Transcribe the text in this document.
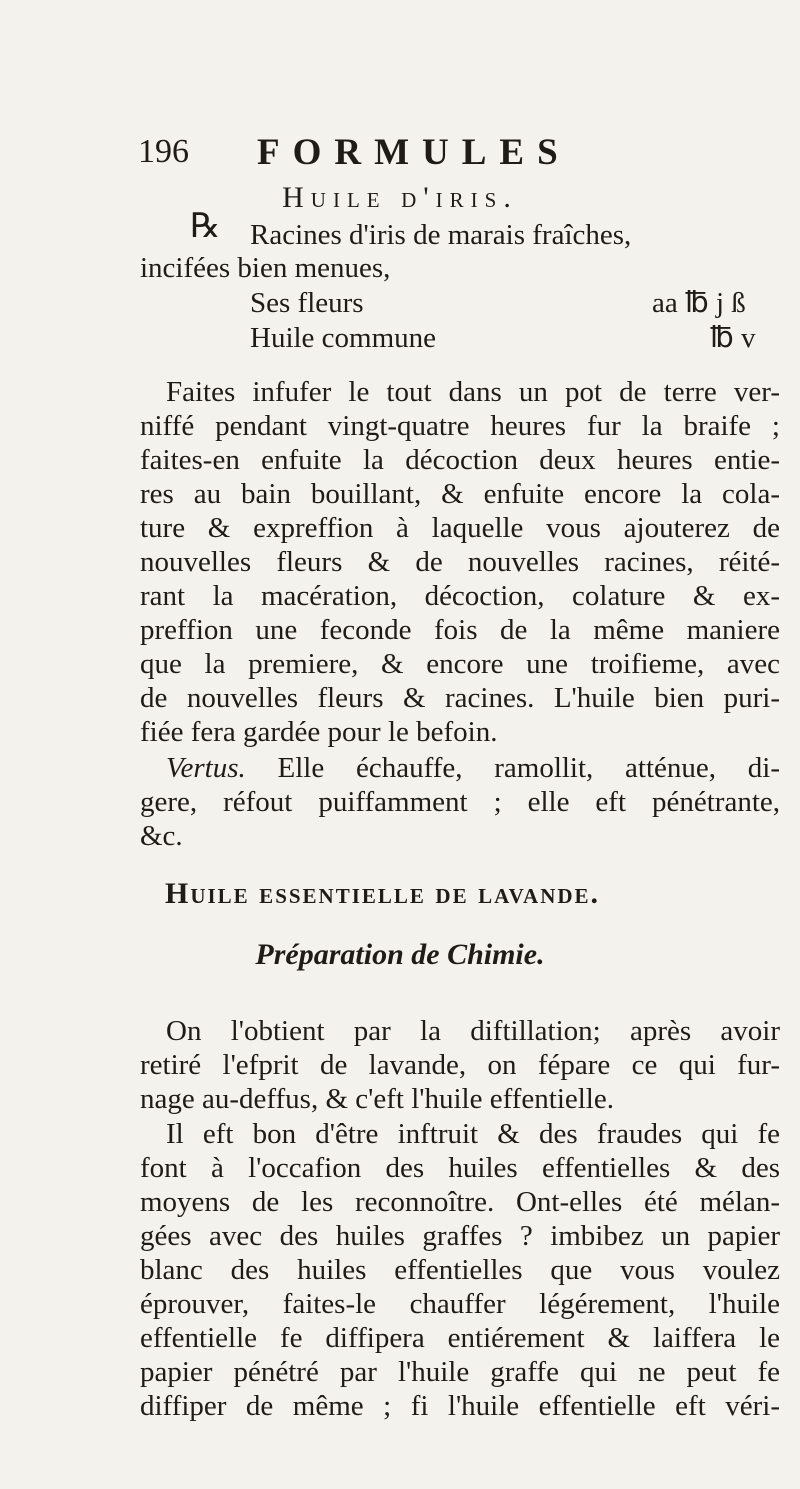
196 FORMULES
Huile d'iris.
℞ Racines d'iris de marais fraîches,
incifées bien menues,
Ses fleurs	aa ℔ j ß
Huile commune	℔ v
Faites infufer le tout dans un pot de terre ver-
niffé pendant vingt-quatre heures fur la braife ;
faites-en enfuite la décoction deux heures entie-
res au bain bouillant, & enfuite encore la cola-
ture & expreffion à laquelle vous ajouterez de
nouvelles fleurs & de nouvelles racines, réité-
rant la macération, décoction, colature & ex-
preffion une feconde fois de la même maniere
que la premiere, & encore une troifieme, avec
de nouvelles fleurs & racines. L'huile bien puri-
fiée fera gardée pour le befoin.
Vertus. Elle échauffe, ramollit, atténue, di-
gere, réfout puiffamment ; elle eft pénétrante,
&c.
Huile essentielle de lavande.
Préparation de Chimie.
On l'obtient par la diftillation; après avoir
retiré l'efprit de lavande, on fépare ce qui fur-
nage au-deffus, & c'eft l'huile effentielle.
Il eft bon d'être inftruit & des fraudes qui fe
font à l'occafion des huiles effentielles & des
moyens de les reconnoître. Ont-elles été mélan-
gées avec des huiles graffes ? imbibez un papier
blanc des huiles effentielles que vous voulez
éprouver, faites-le chauffer légérement, l'huile
effentielle fe diffipera entiérement & laiffera le
papier pénétré par l'huile graffe qui ne peut fe
diffiper de même ; fi l'huile effentielle eft véri-
